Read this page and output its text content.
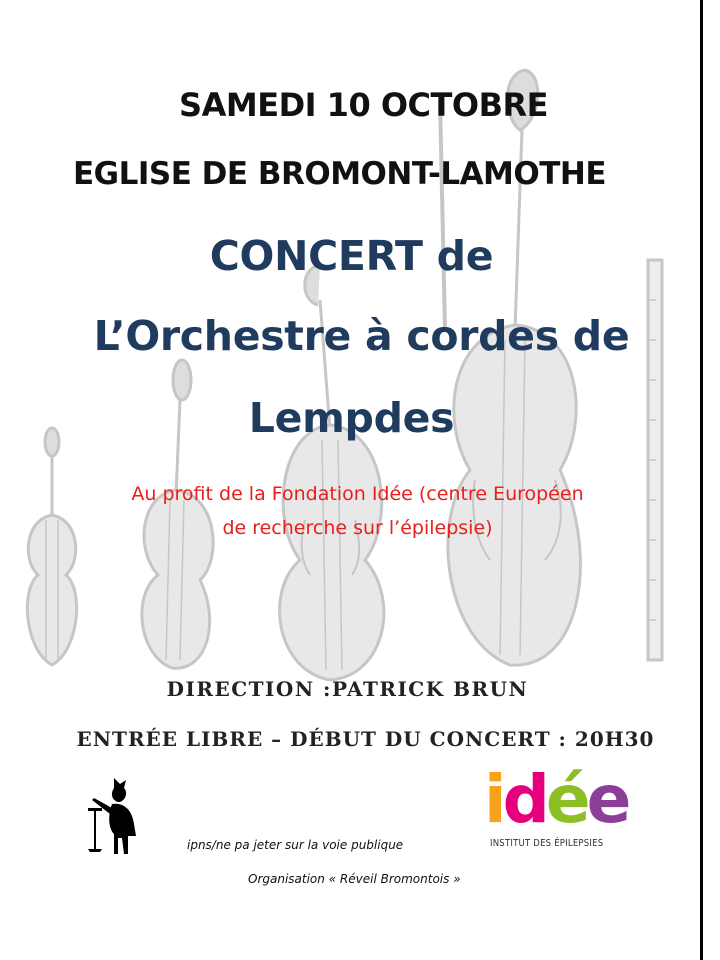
SAMEDI 10 OCTOBRE
EGLISE DE BROMONT-LAMOTHE
CONCERT de
L’Orchestre à cordes de
Lempdes
Au profit de la Fondation Idée (centre Européen
de recherche sur l’épilepsie)
DIRECTION :PATRICK BRUN
ENTRÉE LIBRE – DÉBUT DU CONCERT : 20H30
ipns/ne pa jeter sur la voie publique
Organisation « Réveil Bromontois »
idée
INSTITUT DES ÉPILEPSIES
